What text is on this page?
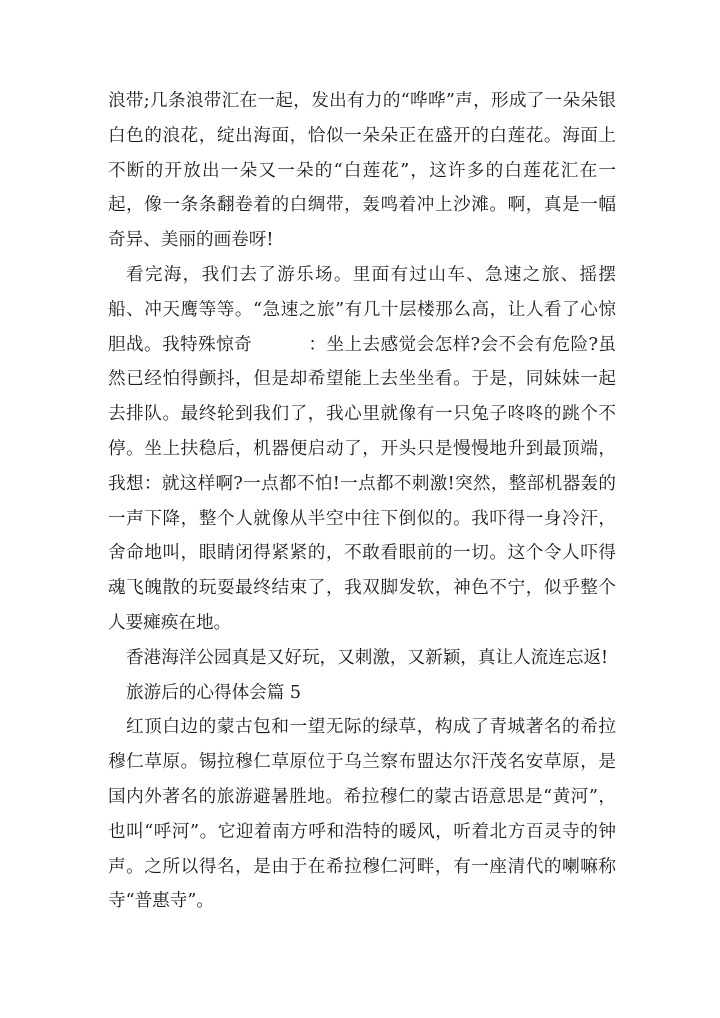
浪带;几条浪带汇在一起，发出有力的“哗哗”声，形成了一朵朵银白色的浪花，绽出海面，恰似一朵朵正在盛开的白莲花。海面上不断的开放出一朵又一朵的“白莲花”，这许多的白莲花汇在一起，像一条条翻卷着的白绸带，轰鸣着冲上沙滩。啊，真是一幅奇异、美丽的画卷呀!

看完海，我们去了游乐场。里面有过山车、急速之旅、摇摆船、冲天鹰等等。“急速之旅”有几十层楼那么高，让人看了心惊胆战。我特殊惊奇	：坐上去感觉会怎样?会不会有危险?虽然已经怕得颤抖，但是却希望能上去坐坐看。于是，同妹妹一起去排队。最终轮到我们了，我心里就像有一只兔子咚咚的跳个不停。坐上扶稳后，机器便启动了，开头只是慢慢地升到最顶端，我想：就这样啊?一点都不怕!一点都不刺激!突然，整部机器轰的一声下降，整个人就像从半空中往下倒似的。我吓得一身冷汗，舍命地叫，眼睛闭得紧紧的，不敢看眼前的一切。这个令人吓得魂飞魄散的玩耍最终结束了，我双脚发软，神色不宁，似乎整个人要瘫痪在地。

香港海洋公园真是又好玩，又刺激，又新颖，真让人流连忘返!

旅游后的心得体会篇 5

红顶白边的蒙古包和一望无际的绿草，构成了青城著名的希拉穆仁草原。锡拉穆仁草原位于乌兰察布盟达尔汗茂名安草原，是国内外著名的旅游避暑胜地。希拉穆仁的蒙古语意思是“黄河”，也叫“呼河”。它迎着南方呼和浩特的暖风，听着北方百灵寺的钟声。之所以得名，是由于在希拉穆仁河畔，有一座清代的喇嘛称寺“普惠寺”。
